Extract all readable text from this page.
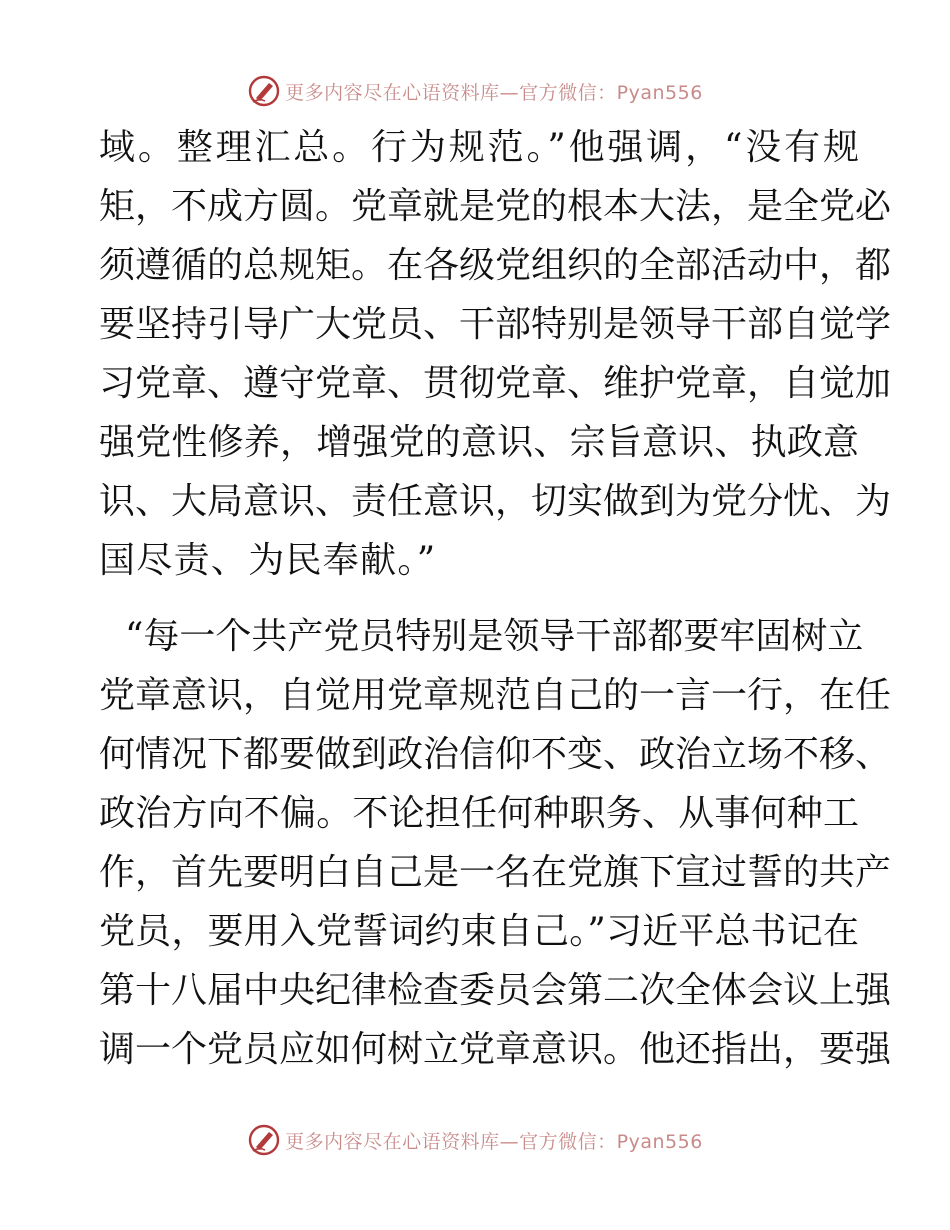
更多内容尽在心语资料库—官方微信：Pyan556
域。整理汇总。行为规范。”他强调，“没有规
矩，不成方圆。党章就是党的根本大法，是全党必
须遵循的总规矩。在各级党组织的全部活动中，都
要坚持引导广大党员、干部特别是领导干部自觉学
习党章、遵守党章、贯彻党章、维护党章，自觉加
强党性修养，增强党的意识、宗旨意识、执政意
识、大局意识、责任意识，切实做到为党分忧、为
国尽责、为民奉献。”
“每一个共产党员特别是领导干部都要牢固树立
党章意识，自觉用党章规范自己的一言一行，在任
何情况下都要做到政治信仰不变、政治立场不移、
政治方向不偏。不论担任何种职务、从事何种工
作，首先要明白自己是一名在党旗下宣过誓的共产
党员，要用入党誓词约束自己。”习近平总书记在
第十八届中央纪律检查委员会第二次全体会议上强
调一个党员应如何树立党章意识。他还指出，要强
更多内容尽在心语资料库—官方微信：Pyan556
